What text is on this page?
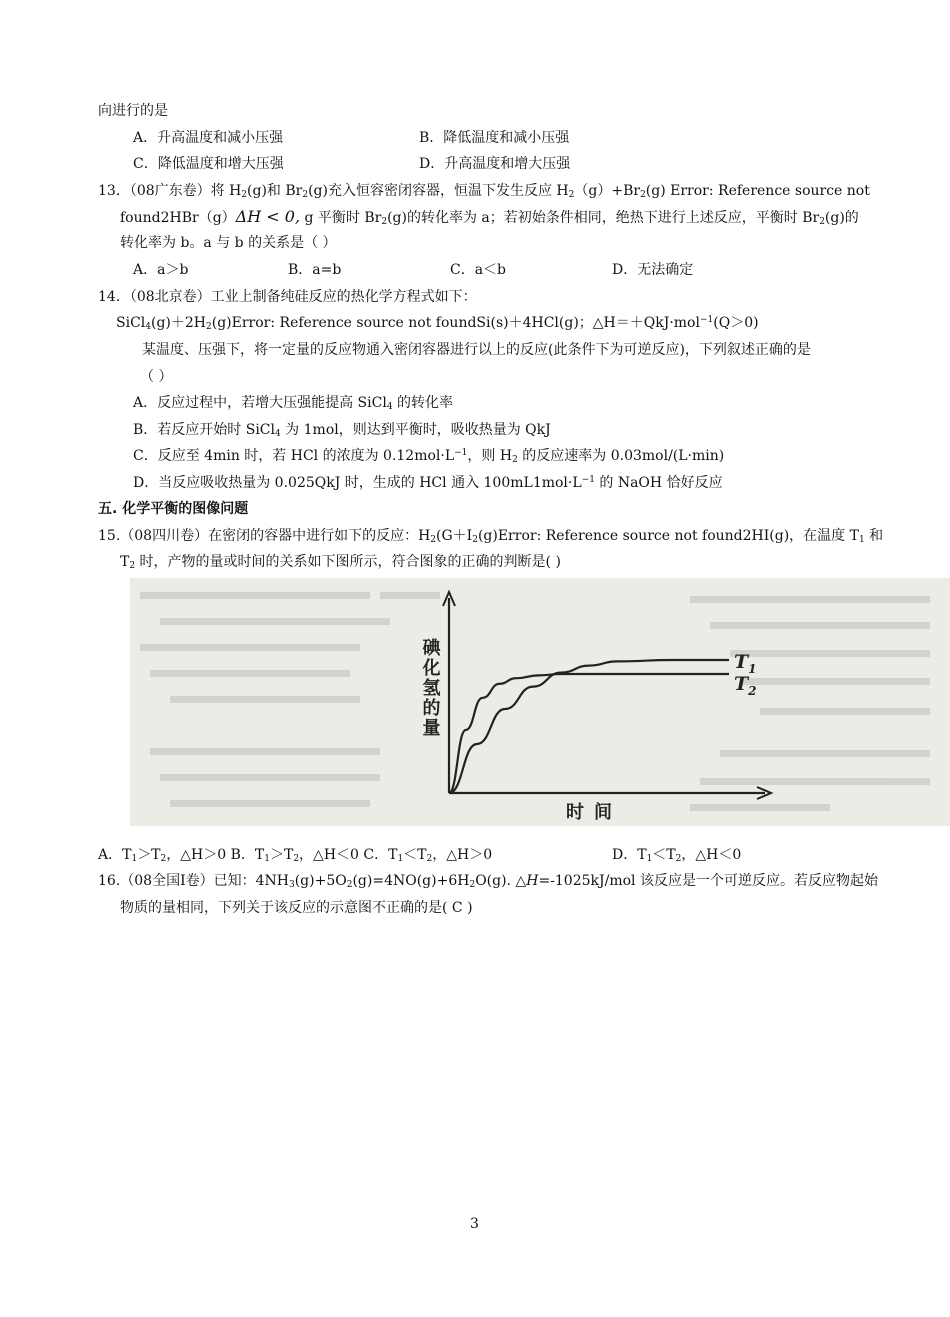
向进行的是
A．升高温度和减小压强	B．降低温度和减小压强
C．降低温度和增大压强	D．升高温度和增大压强
13．（08广东卷）将 $H_2(g)$和 $Br_2(g)$充入恒容密闭容器，恒温下发生反应 $H_2(g)+Br_2(g)$ Error: Reference source not
found2HBr（g）ΔH < 0, g 平衡时 $Br_2(g)$的转化率为 a；若初始条件相同，绝热下进行上述反应，平衡时 $Br_2(g)$的
转化率为 b。a 与 b 的关系是（ ）
A．a＞b	B．a=b	C．a＜b	D．无法确定
14．（08北京卷）工业上制备纯硅反应的热化学方程式如下：
$SiCl_4(g)+2H_2(g)Error$: Reference source not foundSi(s)＋4HCl(g)；△H＝＋QkJ·mol$^{-1}$(Q＞0)
某温度、压强下，将一定量的反应物通入密闭容器进行以上的反应(此条件下为可逆反应)，下列叙述正确的是
（ ）
A．反应过程中，若增大压强能提高 SiCl$_4$ 的转化率
B．若反应开始时 SiCl$_4$ 为 1mol，则达到平衡时，吸收热量为 QkJ
C．反应至 4min 时，若 HCl 的浓度为 $0.12mol\cdot L^{-1}$，则 $H_2$ 的反应速率为 0.03mol/(L·min)
D．当反应吸收热量为 0.025QkJ 时，生成的 HCl 通入 $100mL1mol\cdot L^{-1}$ 的 NaOH 恰好反应
五. 化学平衡的图像问题
15.（08四川卷）在密闭的容器中进行如下的反应：$H_2(G+I_2(g)Error$: Reference source not found2HI(g)，在温度 $T_1$ 和
$T_2$ 时，产物的量或时间的关系如下图所示，符合图象的正确的判断是( )
$T_1$
$T_2$
碘化氢的量
时间
A．$T_1>T_2$，△H＞0 B．$T_1>T_2$，△H＜0 C．$T_1<T_2$，△H＞0	D．$T_1<T_2$，△H＜0
16.（08全国Ⅰ卷）已知：$4NH_3(g)+5O_2(g)=4NO(g)+6H_2O(g)$. △H=-1025kJ/mol 该反应是一个可逆反应。若反应物起始
物质的量相同，下列关于该反应的示意图不正确的是( C )
3
